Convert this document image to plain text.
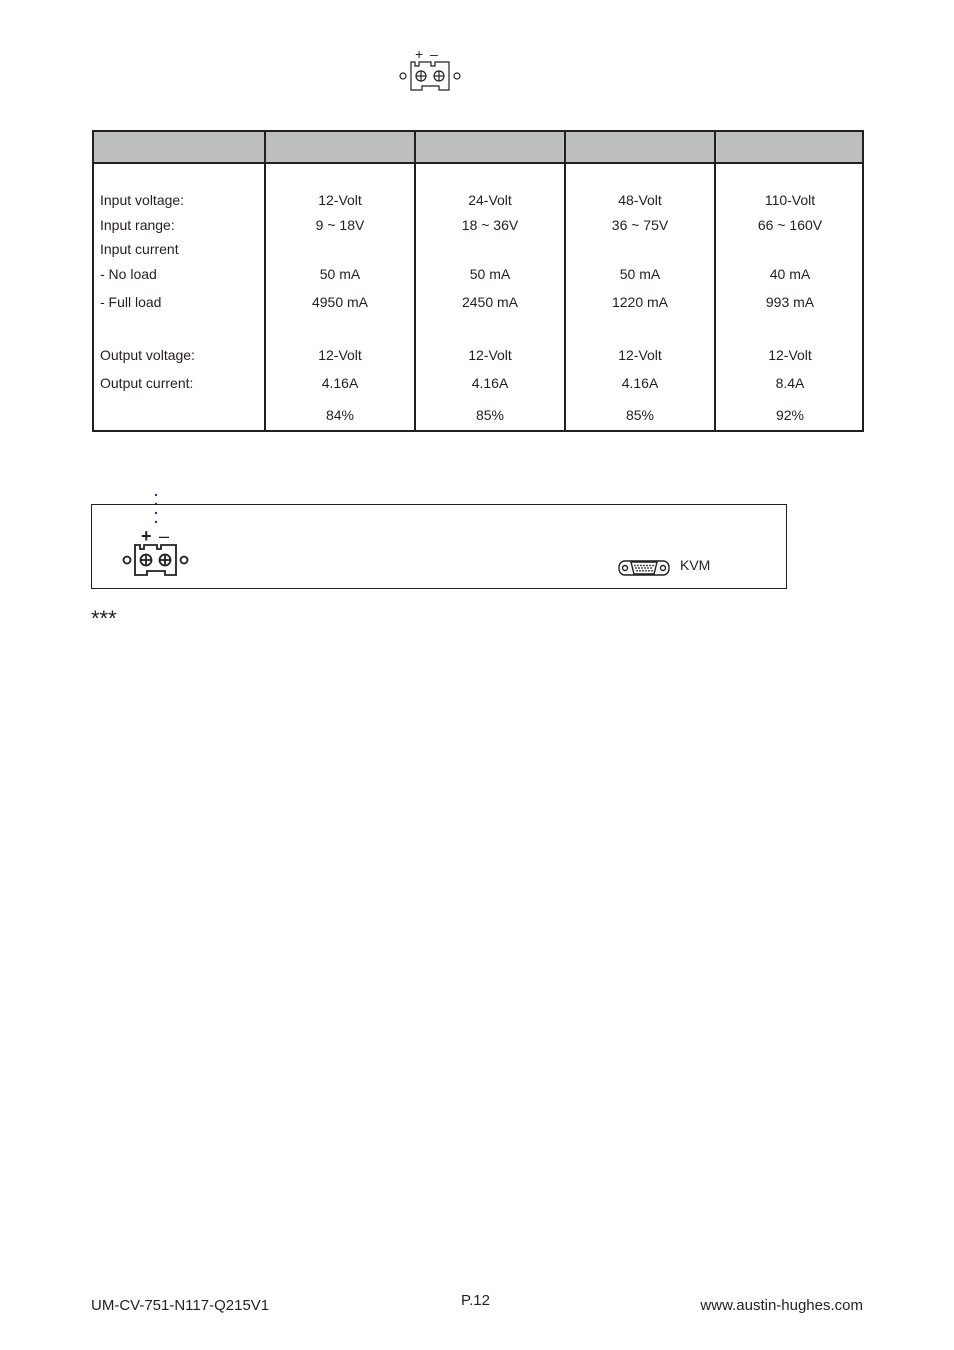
+ –
Input voltage:
Input range:
Input current
- No load
- Full load
Output voltage:
Output current:
12-Volt
9 ~ 18V
50 mA
4950 mA
12-Volt
4.16A
84%
24-Volt
18 ~ 36V
50 mA
2450 mA
12-Volt
4.16A
85%
48-Volt
36 ~ 75V
50 mA
1220 mA
12-Volt
4.16A
85%
110-Volt
66 ~ 160V
40 mA
993 mA
12-Volt
8.4A
92%
+ –
KVM
***
UM-CV-751-N117-Q215V1	P.12	www.austin-hughes.com
